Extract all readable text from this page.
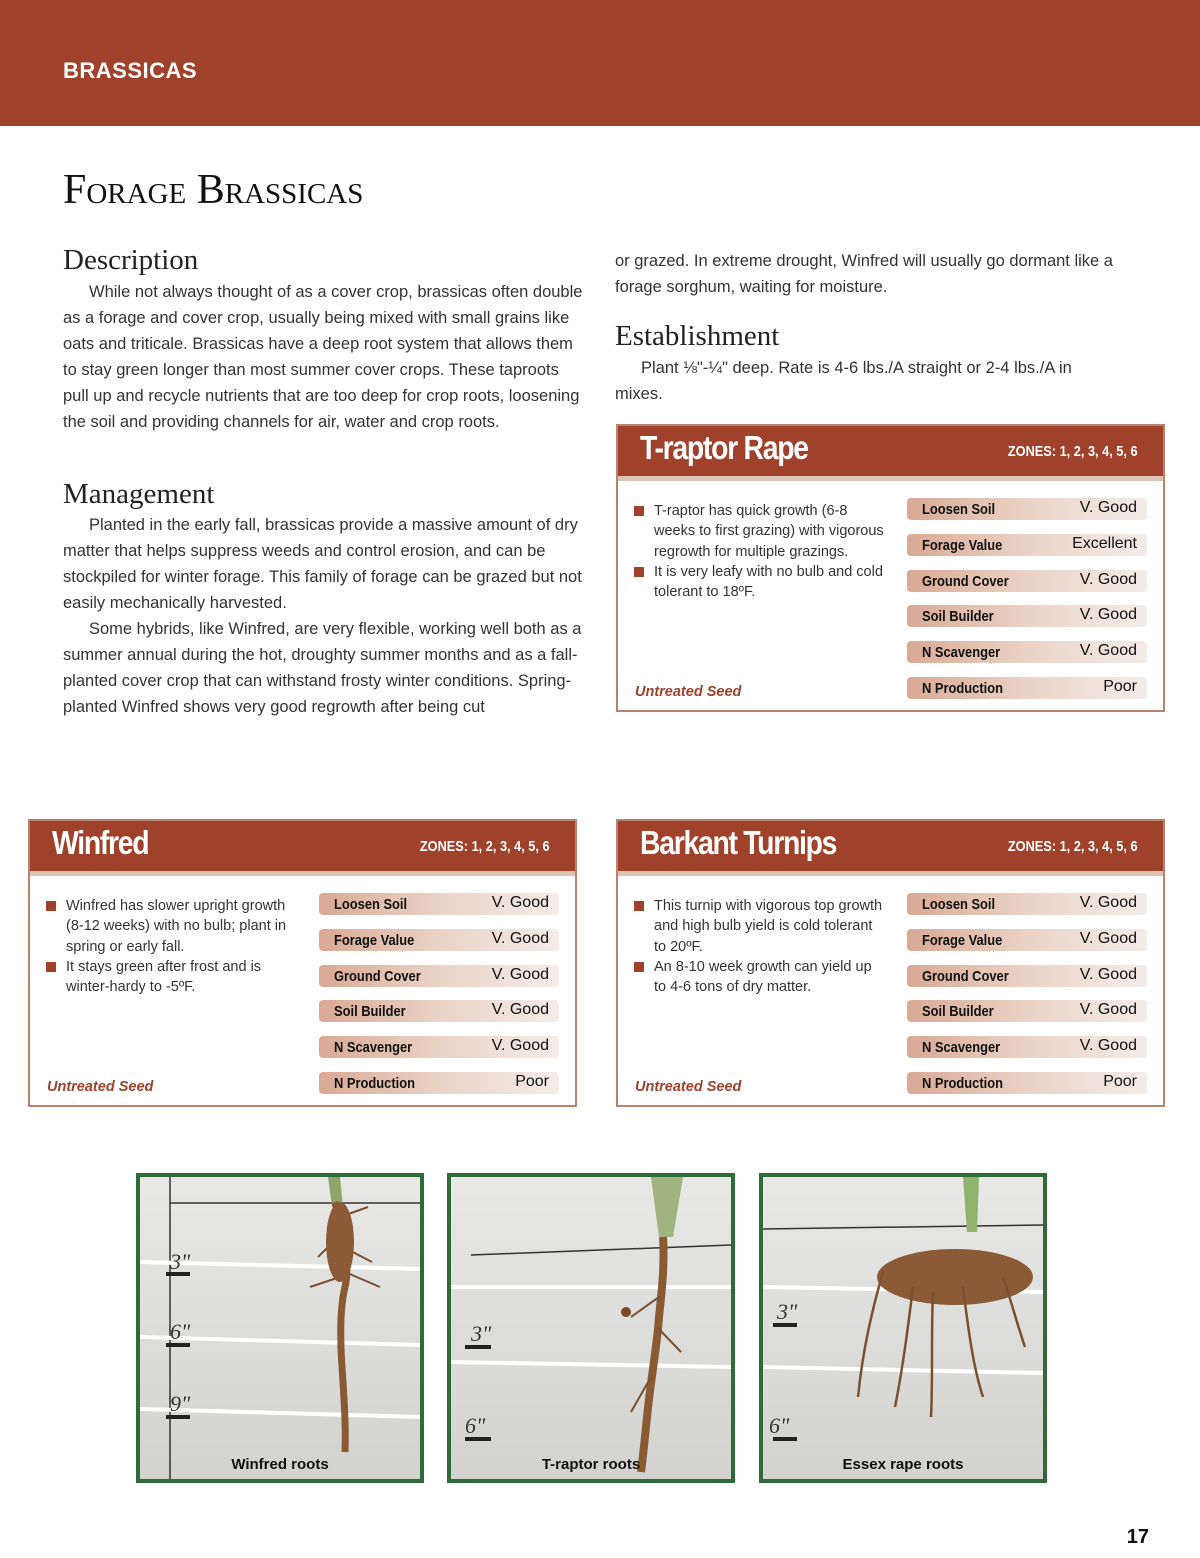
BRASSICAS
Forage Brassicas
Description

While not always thought of as a cover crop, brassicas often double as a forage and cover crop, usually being mixed with small grains like oats and triticale. Brassicas have a deep root system that allows them to stay green longer than most summer cover crops. These taproots pull up and recycle nutrients that are too deep for crop roots, loosening the soil and providing channels for air, water and crop roots.

Management

Planted in the early fall, brassicas provide a massive amount of dry matter that helps suppress weeds and control erosion, and can be stockpiled for winter forage. This family of forage can be grazed but not easily mechanically harvested.

Some hybrids, like Winfred, are very flexible, working well both as a summer annual during the hot, droughty summer months and as a fall-planted cover crop that can withstand frosty winter conditions. Spring-planted Winfred shows very good regrowth after being cut

or grazed. In extreme drought, Winfred will usually go dormant like a forage sorghum, waiting for moisture.

Establishment

Plant ⅛"-¼" deep. Rate is 4-6 lbs./A straight or 2-4 lbs./A in mixes.

T-raptor Rape	ZONES: 1, 2, 3, 4, 5, 6
T-raptor has quick growth (6-8 weeks to first grazing) with vigorous regrowth for multiple grazings.
It is very leafy with no bulb and cold tolerant to 18ºF.
Untreated Seed
Loosen Soil	V. Good
Forage Value	Excellent
Ground Cover	V. Good
Soil Builder	V. Good
N Scavenger	V. Good
N Production	Poor
Winfred	ZONES: 1, 2, 3, 4, 5, 6
Winfred has slower upright growth (8-12 weeks) with no bulb; plant in spring or early fall.
It stays green after frost and is winter-hardy to -5ºF.
Untreated Seed
Loosen Soil	V. Good
Forage Value	V. Good
Ground Cover	V. Good
Soil Builder	V. Good
N Scavenger	V. Good
N Production	Poor
Barkant Turnips	ZONES: 1, 2, 3, 4, 5, 6
This turnip with vigorous top growth and high bulb yield is cold tolerant to 20ºF.
An 8-10 week growth can yield up to 4-6 tons of dry matter.
Untreated Seed
Loosen Soil	V. Good
Forage Value	V. Good
Ground Cover	V. Good
Soil Builder	V. Good
N Scavenger	V. Good
N Production	Poor
3"
6"
9"
Winfred roots
3"
6"
T-raptor roots
3"
6"
Essex rape roots
17
